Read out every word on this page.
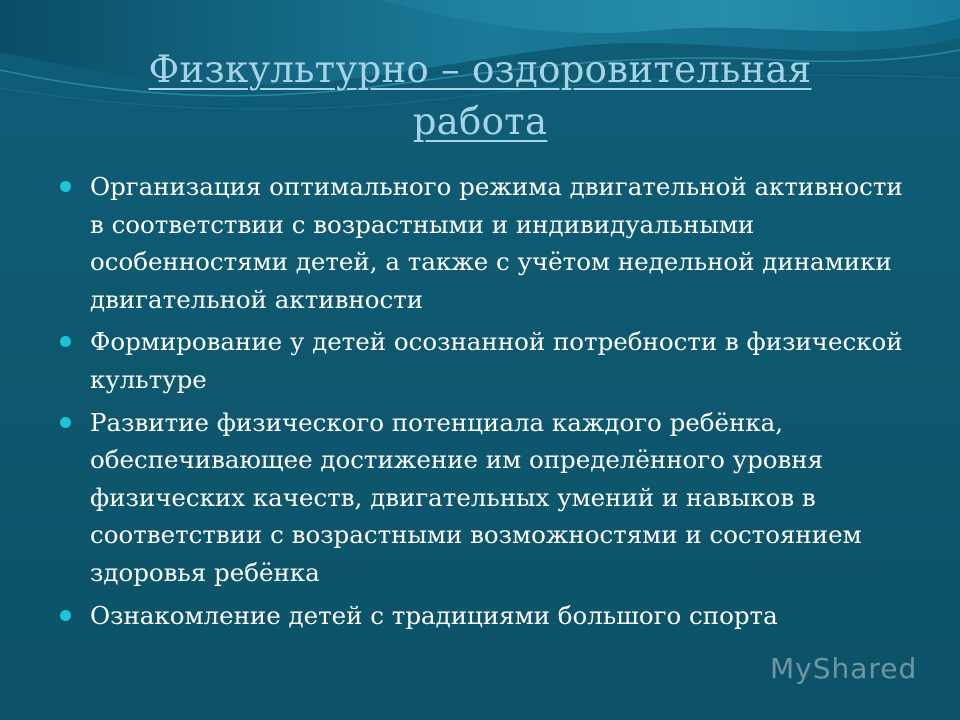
Физкультурно – оздоровительная
работа
Организация оптимального режима двигательной активности в соответствии с возрастными и индивидуальными особенностями детей, а также с учётом недельной динамики двигательной активности
Формирование у детей осознанной потребности в физической культуре
Развитие физического потенциала каждого ребёнка, обеспечивающее достижение им определённого уровня физических качеств, двигательных умений и навыков в соответствии с возрастными возможностями и состоянием здоровья ребёнка
Ознакомление детей с традициями большого спорта
MyShared
